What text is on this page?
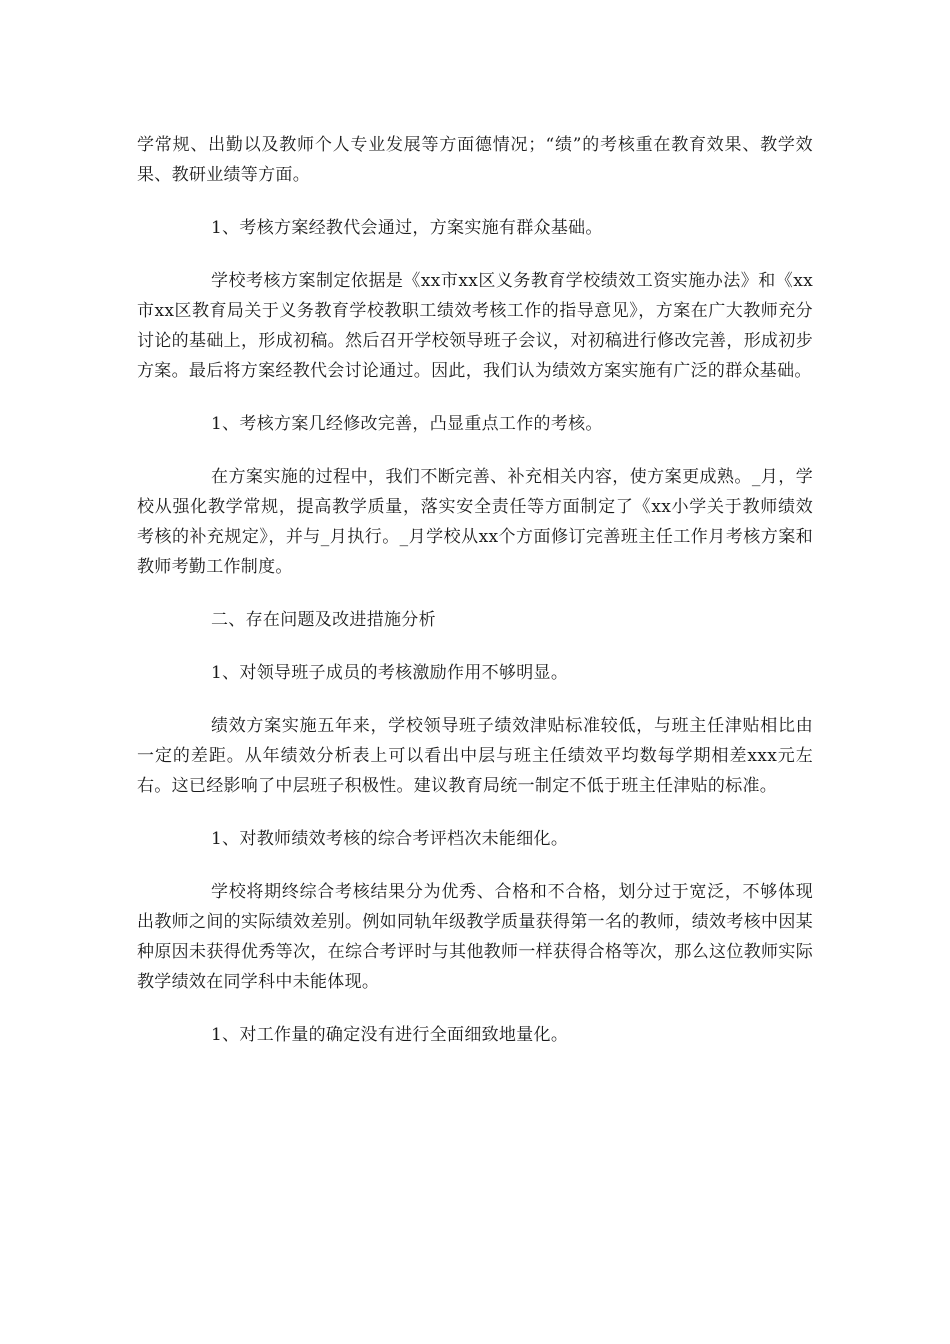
学常规、出勤以及教师个人专业发展等方面德情况；“绩”的考核重在教育效果、教学效果、教研业绩等方面。

1、考核方案经教代会通过，方案实施有群众基础。

学校考核方案制定依据是《xx市xx区义务教育学校绩效工资实施办法》和《xx市xx区教育局关于义务教育学校教职工绩效考核工作的指导意见》，方案在广大教师充分讨论的基础上，形成初稿。然后召开学校领导班子会议，对初稿进行修改完善，形成初步方案。最后将方案经教代会讨论通过。因此，我们认为绩效方案实施有广泛的群众基础。

1、考核方案几经修改完善，凸显重点工作的考核。

在方案实施的过程中，我们不断完善、补充相关内容，使方案更成熟。_月，学校从强化教学常规，提高教学质量，落实安全责任等方面制定了《xx小学关于教师绩效考核的补充规定》，并与_月执行。_月学校从xx个方面修订完善班主任工作月考核方案和教师考勤工作制度。

二、存在问题及改进措施分析

1、对领导班子成员的考核激励作用不够明显。

绩效方案实施五年来，学校领导班子绩效津贴标准较低，与班主任津贴相比由一定的差距。从年绩效分析表上可以看出中层与班主任绩效平均数每学期相差xxx元左右。这已经影响了中层班子积极性。建议教育局统一制定不低于班主任津贴的标准。

1、对教师绩效考核的综合考评档次未能细化。

学校将期终综合考核结果分为优秀、合格和不合格，划分过于宽泛，不够体现出教师之间的实际绩效差别。例如同轨年级教学质量获得第一名的教师，绩效考核中因某种原因未获得优秀等次，在综合考评时与其他教师一样获得合格等次，那么这位教师实际教学绩效在同学科中未能体现。

1、对工作量的确定没有进行全面细致地量化。
